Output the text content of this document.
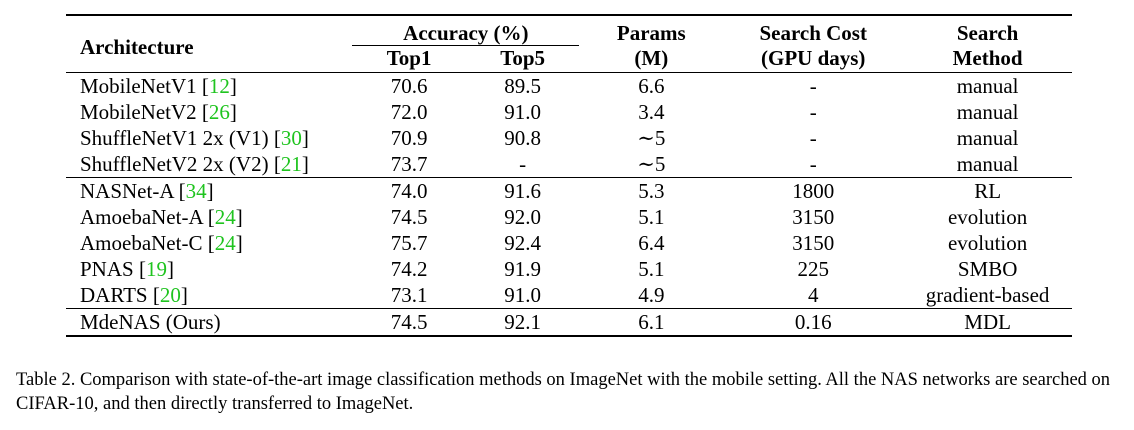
Architecture	Accuracy (%)		Params	Search Cost	Search
	Top1	Top5	(M)	(GPU days)	Method
MobileNetV1 [12]	70.6	89.5	6.6	-	manual
MobileNetV2 [26]	72.0	91.0	3.4	-	manual
ShuffleNetV1 2x (V1) [30]	70.9	90.8	∼5	-	manual
ShuffleNetV2 2x (V2) [21]	73.7	-	∼5	-	manual
NASNet-A [34]	74.0	91.6	5.3	1800	RL
AmoebaNet-A [24]	74.5	92.0	5.1	3150	evolution
AmoebaNet-C [24]	75.7	92.4	6.4	3150	evolution
PNAS [19]	74.2	91.9	5.1	225	SMBO
DARTS [20]	73.1	91.0	4.9	4	gradient-based
MdeNAS (Ours)	74.5	92.1	6.1	0.16	MDL
Table 2. Comparison with state-of-the-art image classification methods on ImageNet with the mobile setting. All the NAS networks are searched on CIFAR-10, and then directly transferred to ImageNet.
